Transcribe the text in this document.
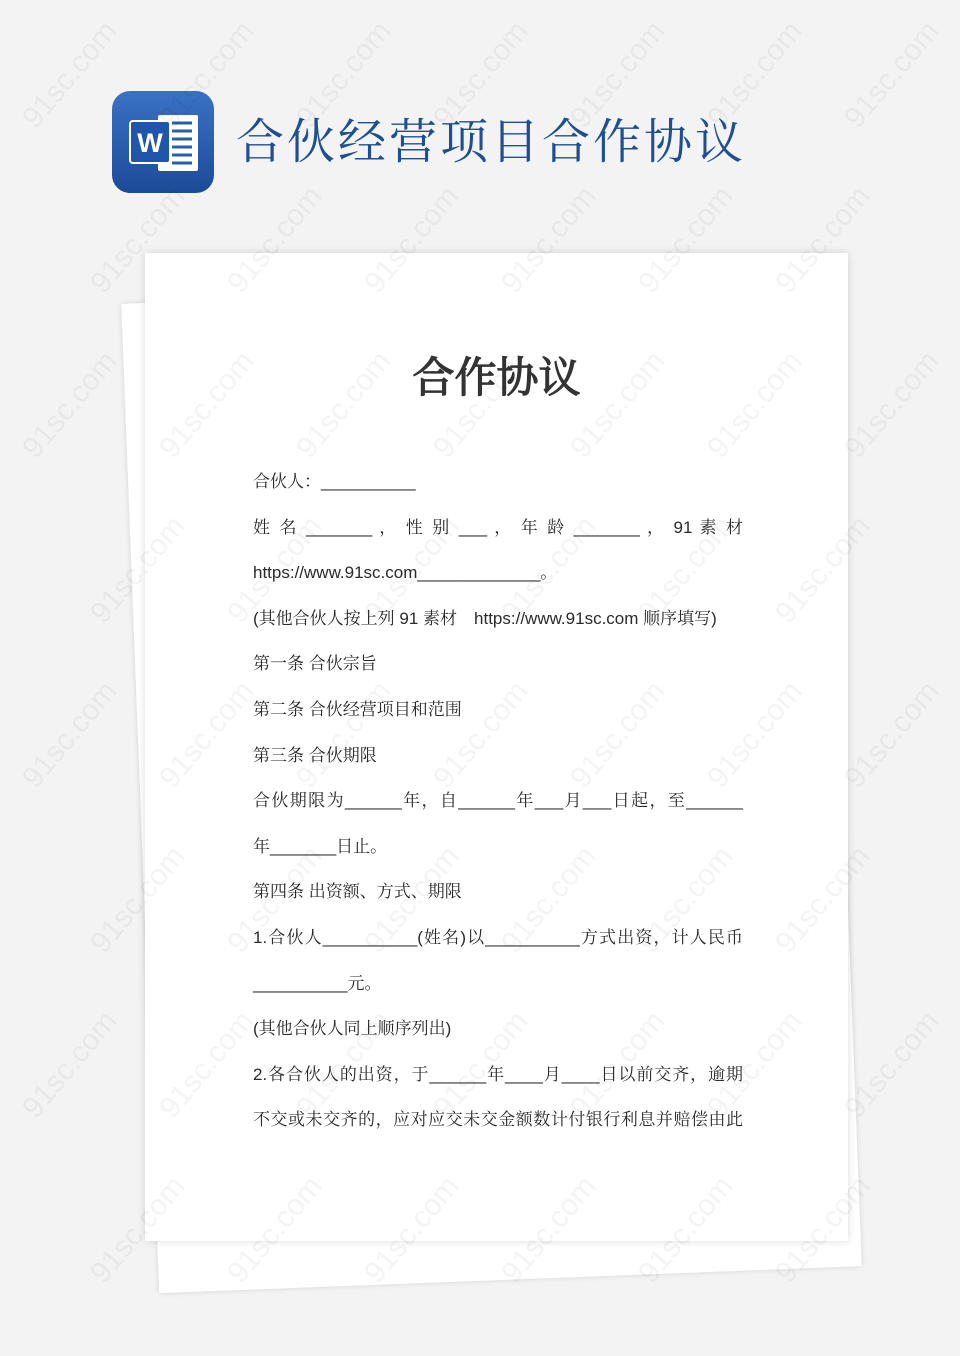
W 合伙经营项目合作协议
合作协议
合伙人：__________
姓 名 _______ ， 性 别 ___ ， 年 龄 _______ ， 91 素 材
https://www.91sc.com_____________。
(其他合伙人按上列 91 素材　https://www.91sc.com 顺序填写)
第一条 合伙宗旨
第二条 合伙经营项目和范围
第三条 合伙期限
合伙期限为______年，自______年___月___日起，至______
年_______日止。
第四条 出资额、方式、期限
1.合伙人__________(姓名)以__________方式出资，计人民币
__________元。
(其他合伙人同上顺序列出)
2.各合伙人的出资，于______年____月____日以前交齐，逾期
不交或未交齐的，应对应交未交金额数计付银行利息并赔偿由此
